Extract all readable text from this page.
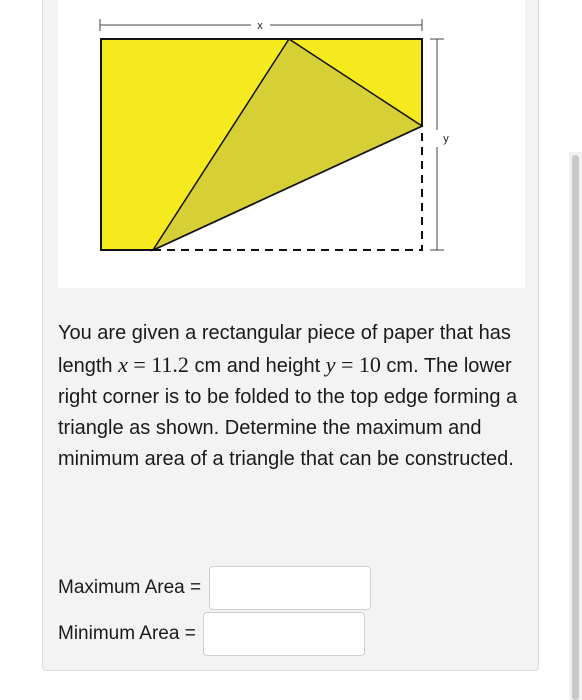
x
y

You are given a rectangular piece of paper that has length x = 11.2 cm and height y = 10 cm. The lower right corner is to be folded to the top edge forming a triangle as shown. Determine the maximum and minimum area of a triangle that can be constructed.

Maximum Area =
Minimum Area =
